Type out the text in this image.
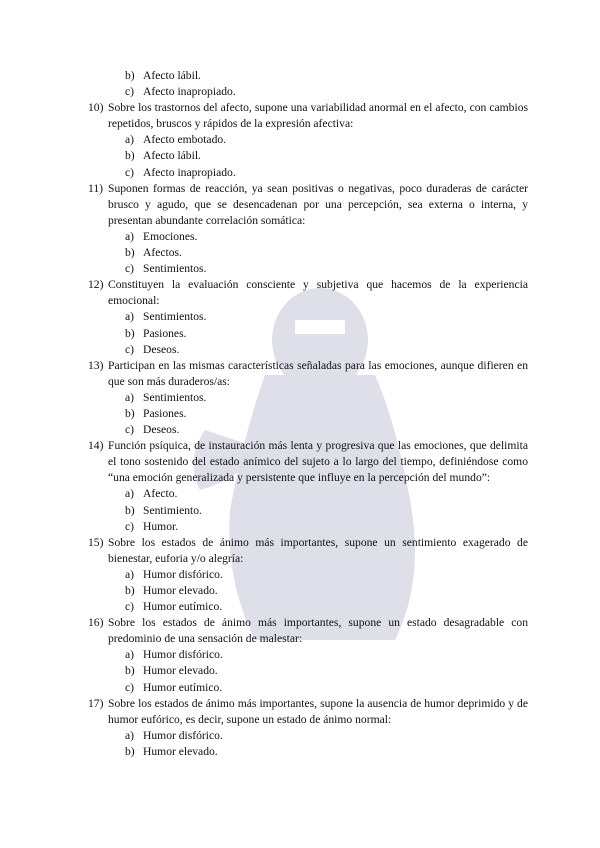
b) Afecto lábil.
c) Afecto inapropiado.
10) Sobre los trastornos del afecto, supone una variabilidad anormal en el afecto, con cambios repetidos, bruscos y rápidos de la expresión afectiva:
a) Afecto embotado.
b) Afecto lábil.
c) Afecto inapropiado.
11) Suponen formas de reacción, ya sean positivas o negativas, poco duraderas de carácter brusco y agudo, que se desencadenan por una percepción, sea externa o interna, y presentan abundante correlación somática:
a) Emociones.
b) Afectos.
c) Sentimientos.
12) Constituyen la evaluación consciente y subjetiva que hacemos de la experiencia emocional:
a) Sentimientos.
b) Pasiones.
c) Deseos.
13) Participan en las mismas características señaladas para las emociones, aunque difieren en que son más duraderos/as:
a) Sentimientos.
b) Pasiones.
c) Deseos.
14) Función psíquica, de instauración más lenta y progresiva que las emociones, que delimita el tono sostenido del estado anímico del sujeto a lo largo del tiempo, definiéndose como “una emoción generalizada y persistente que influye en la percepción del mundo”:
a) Afecto.
b) Sentimiento.
c) Humor.
15) Sobre los estados de ánimo más importantes, supone un sentimiento exagerado de bienestar, euforia y/o alegría:
a) Humor disfórico.
b) Humor elevado.
c) Humor eutímico.
16) Sobre los estados de ánimo más importantes, supone un estado desagradable con predominio de una sensación de malestar:
a) Humor disfórico.
b) Humor elevado.
c) Humor eutímico.
17) Sobre los estados de ánimo más importantes, supone la ausencia de humor deprimido y de humor eufórico, es decir, supone un estado de ánimo normal:
a) Humor disfórico.
b) Humor elevado.
